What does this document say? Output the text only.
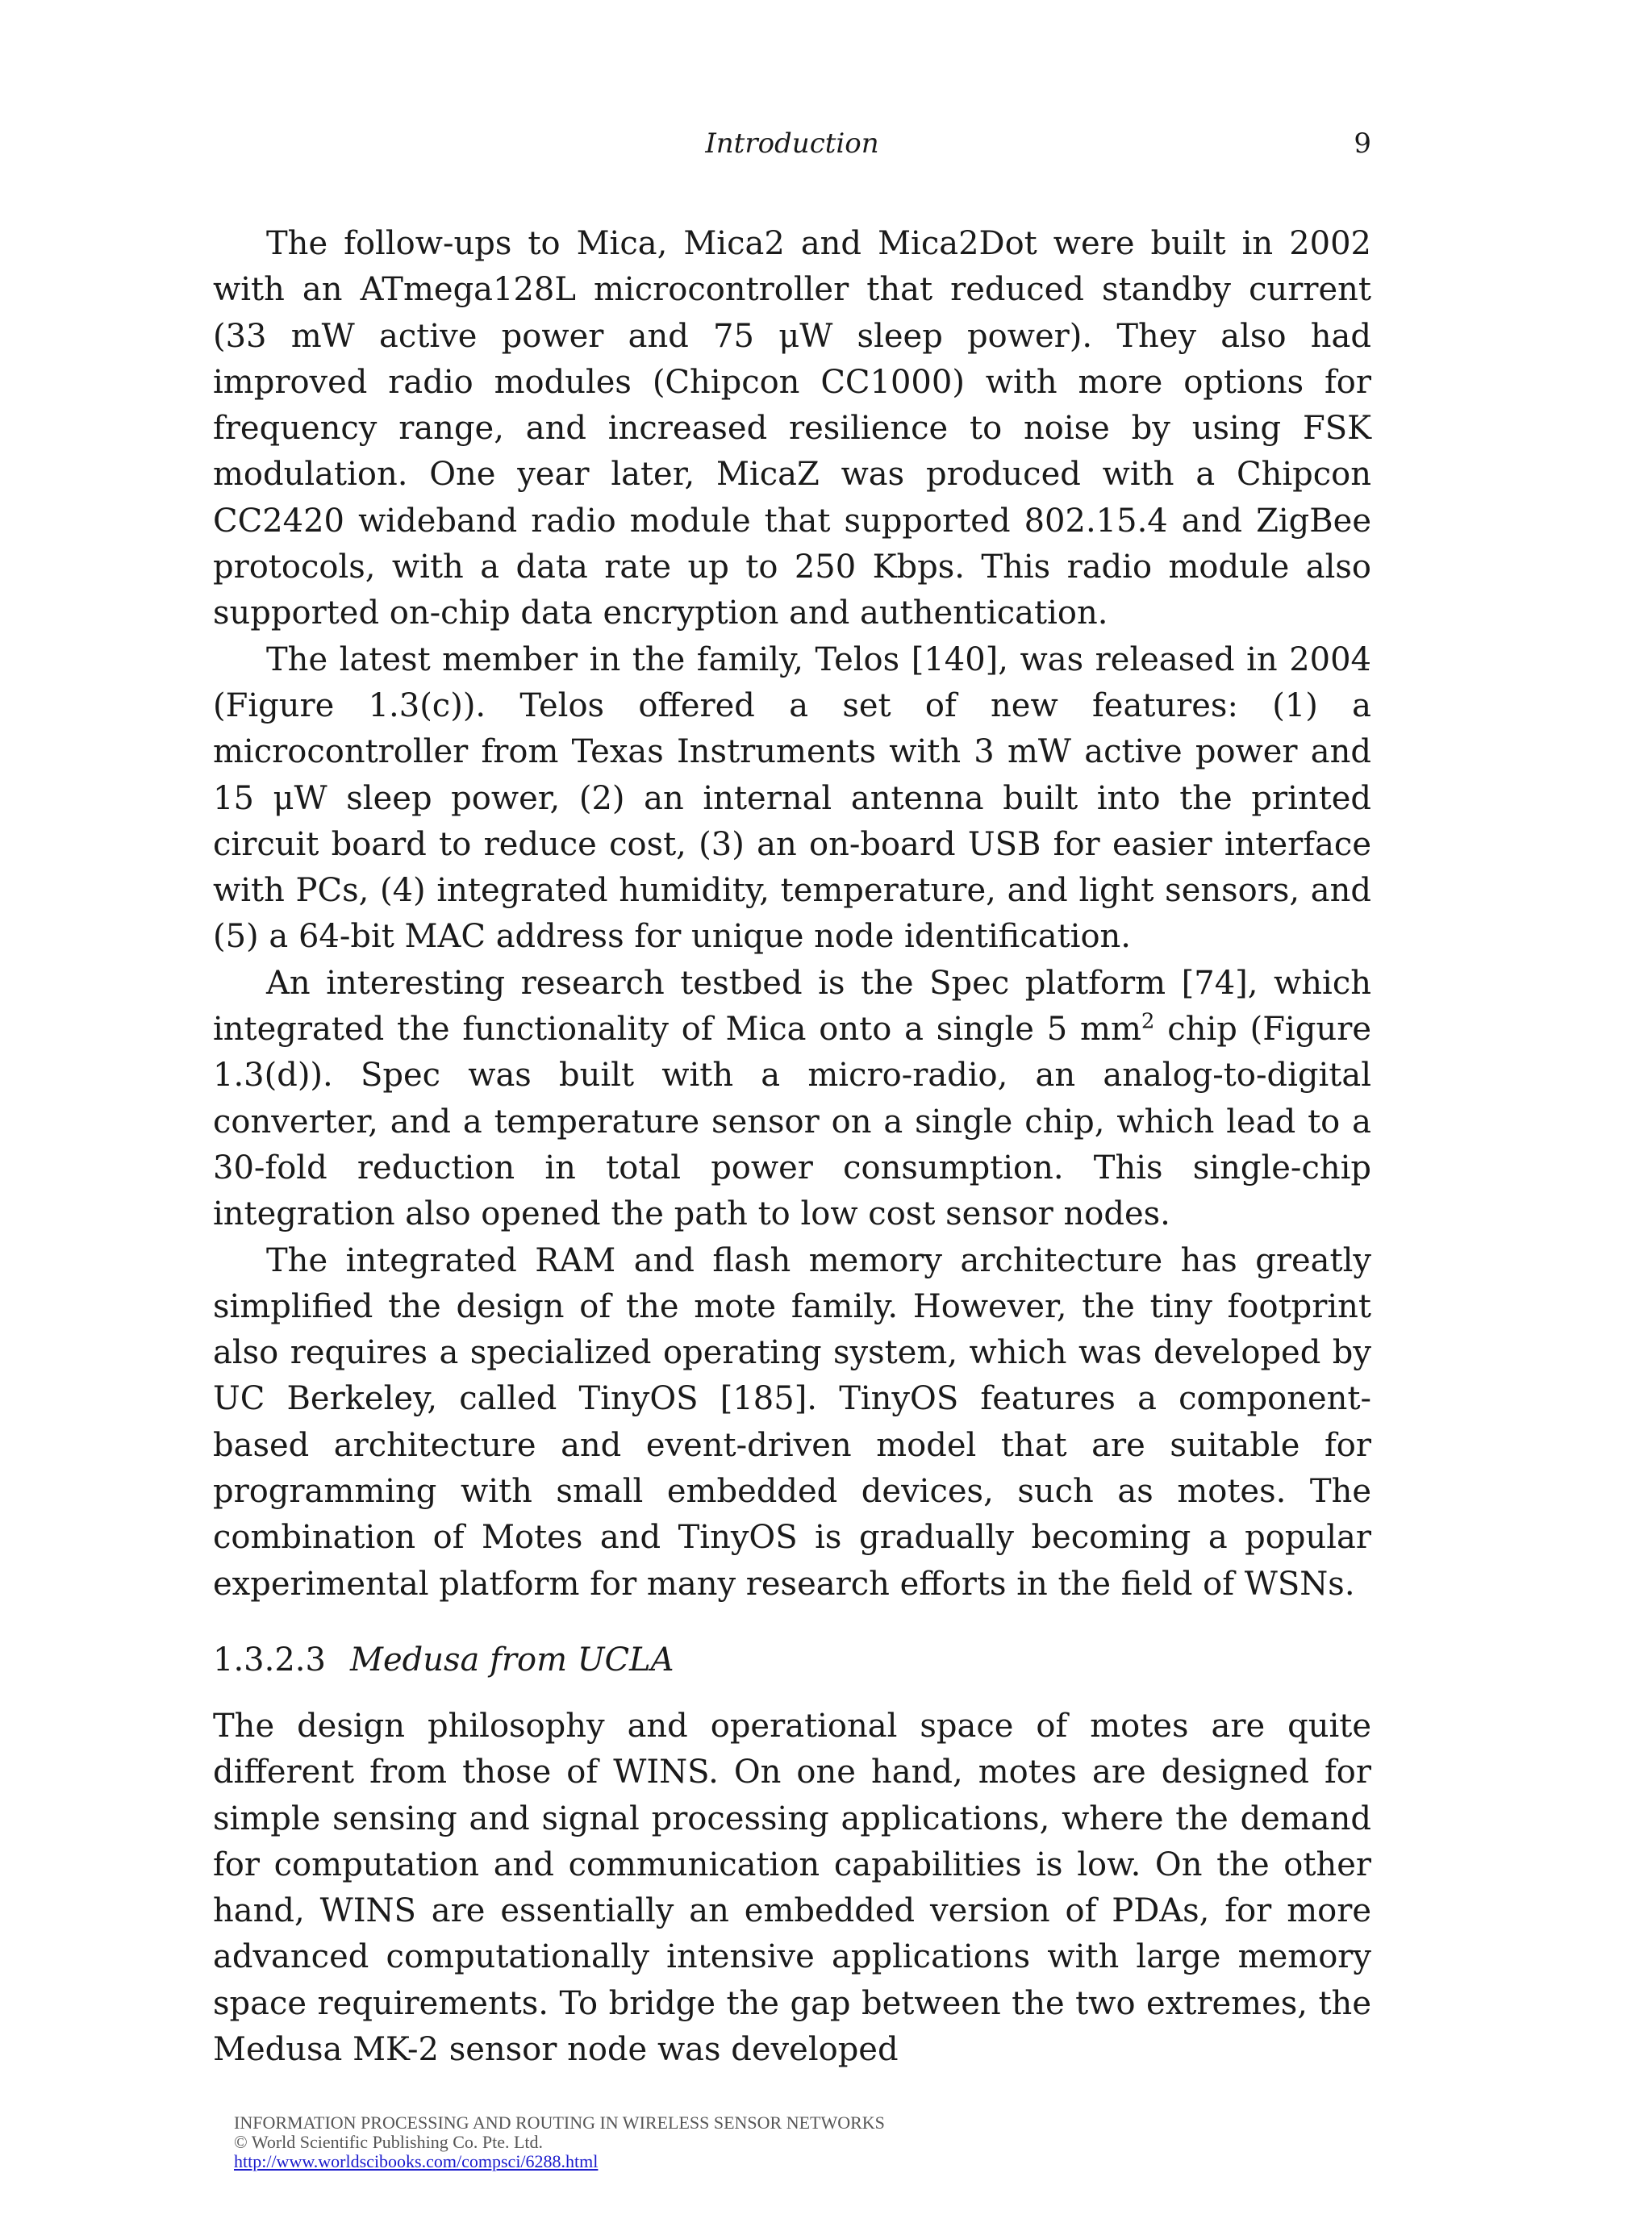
Introduction	9

The follow-ups to Mica, Mica2 and Mica2Dot were built in 2002 with an ATmega128L microcontroller that reduced standby current (33 mW active power and 75 μW sleep power). They also had improved radio modules (Chipcon CC1000) with more options for frequency range, and increased resilience to noise by using FSK modulation. One year later, MicaZ was produced with a Chipcon CC2420 wideband radio module that supported 802.15.4 and ZigBee protocols, with a data rate up to 250 Kbps. This radio module also supported on-chip data encryption and authentication.

The latest member in the family, Telos [140], was released in 2004 (Figure 1.3(c)). Telos offered a set of new features: (1) a microcontroller from Texas Instruments with 3 mW active power and 15 μW sleep power, (2) an internal antenna built into the printed circuit board to reduce cost, (3) an on-board USB for easier interface with PCs, (4) integrated humidity, temperature, and light sensors, and (5) a 64-bit MAC address for unique node identification.

An interesting research testbed is the Spec platform [74], which integrated the functionality of Mica onto a single 5 $mm^2$ chip (Figure 1.3(d)). Spec was built with a micro-radio, an analog-to-digital converter, and a temperature sensor on a single chip, which lead to a 30-fold reduction in total power consumption. This single-chip integration also opened the path to low cost sensor nodes.

The integrated RAM and flash memory architecture has greatly simplified the design of the mote family. However, the tiny footprint also requires a specialized operating system, which was developed by UC Berkeley, called TinyOS [185]. TinyOS features a component-based architecture and event-driven model that are suitable for programming with small embedded devices, such as motes. The combination of Motes and TinyOS is gradually becoming a popular experimental platform for many research efforts in the field of WSNs.

1.3.2.3 Medusa from UCLA

The design philosophy and operational space of motes are quite different from those of WINS. On one hand, motes are designed for simple sensing and signal processing applications, where the demand for computation and communication capabilities is low. On the other hand, WINS are essentially an embedded version of PDAs, for more advanced computationally intensive applications with large memory space requirements. To bridge the gap between the two extremes, the Medusa MK-2 sensor node was developed

INFORMATION PROCESSING AND ROUTING IN WIRELESS SENSOR NETWORKS
© World Scientific Publishing Co. Pte. Ltd.
http://www.worldscibooks.com/compsci/6288.html
